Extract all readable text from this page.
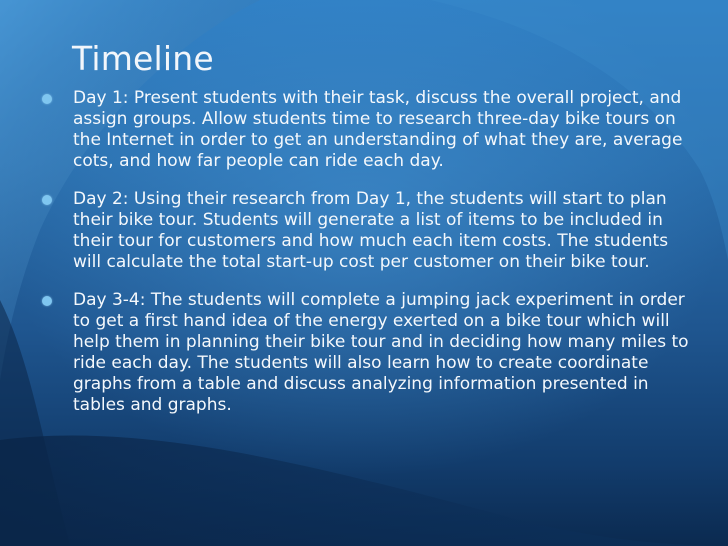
Timeline
Day 1: Present students with their task, discuss the overall project, and assign groups. Allow students time to research three-day bike tours on the Internet in order to get an understanding of what they are, average cots, and how far people can ride each day.
Day 2: Using their research from Day 1, the students will start to plan their bike tour. Students will generate a list of items to be included in their tour for customers and how much each item costs. The students will calculate the total start-up cost per customer on their bike tour.
Day 3-4: The students will complete a jumping jack experiment in order to get a first hand idea of the energy exerted on a bike tour which will help them in planning their bike tour and in deciding how many miles to ride each day. The students will also learn how to create coordinate graphs from a table and discuss analyzing information presented in tables and graphs.
